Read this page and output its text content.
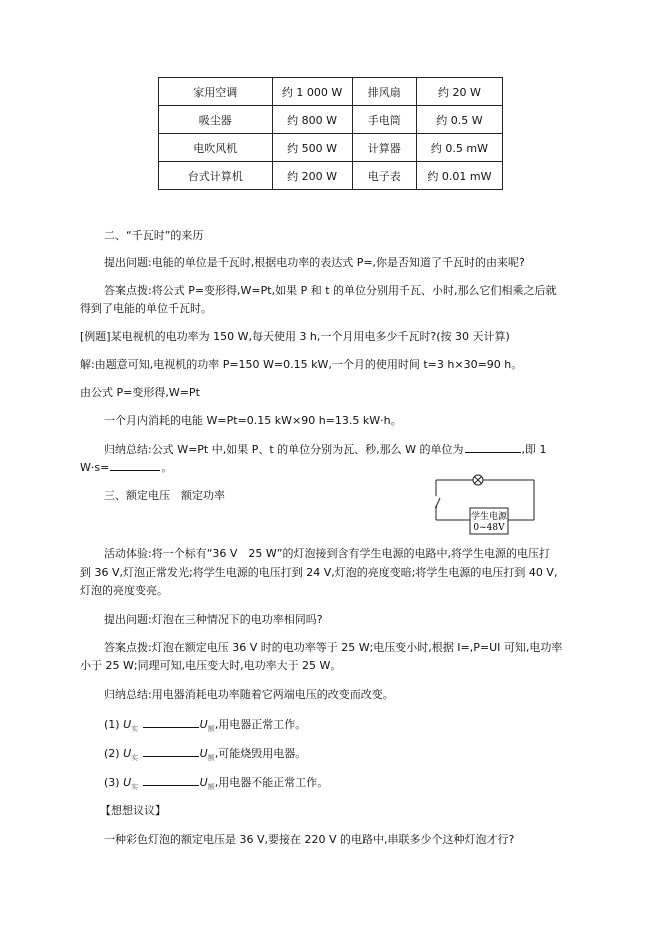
家用空调	约 1 000 W	排风扇	约 20 W
吸尘器	约 800 W	手电筒	约 0.5 W
电吹风机	约 500 W	计算器	约 0.5 mW
台式计算机	约 200 W	电子表	约 0.01 mW
二、“千瓦时”的来历
提出问题:电能的单位是千瓦时,根据电功率的表达式 P=,你是否知道了千瓦时的由来呢?
答案点拨:将公式 P=变形得,W=Pt,如果 P 和 t 的单位分别用千瓦、小时,那么它们相乘之后就
得到了电能的单位千瓦时。
[例题]某电视机的电功率为 150 W,每天使用 3 h,一个月用电多少千瓦时?(按 30 天计算)
解:由题意可知,电视机的功率 P=150 W=0.15 kW,一个月的使用时间 t=3 h×30=90 h。
由公式 P=变形得,W=Pt
一个月内消耗的电能 W=Pt=0.15 kW×90 h=13.5 kW·h。
归纳总结:公式 W=Pt 中,如果 P、t 的单位分别为瓦、秒,那么 W 的单位为	,即 1
W·s=	。
三、额定电压　额定功率
学生电源
0~48V
活动体验:将一个标有“36 V　25 W”的灯泡接到含有学生电源的电路中,将学生电源的电压打
到 36 V,灯泡正常发光;将学生电源的电压打到 24 V,灯泡的亮度变暗;将学生电源的电压打到 40 V,
灯泡的亮度变亮。
提出问题:灯泡在三种情况下的电功率相同吗?
答案点拨:灯泡在额定电压 36 V 时的电功率等于 25 W;电压变小时,根据 I=,P=UI 可知,电功率
小于 25 W;同理可知,电压变大时,电功率大于 25 W。
归纳总结:用电器消耗电功率随着它两端电压的改变而改变。
(1) $U_实$	$U_额$,用电器正常工作。
(2) $U_实$	$U_额$,可能烧毁用电器。
(3) $U_实$	$U_额$,用电器不能正常工作。
【想想议议】
一种彩色灯泡的额定电压是 36 V,要接在 220 V 的电路中,串联多少个这种灯泡才行?
